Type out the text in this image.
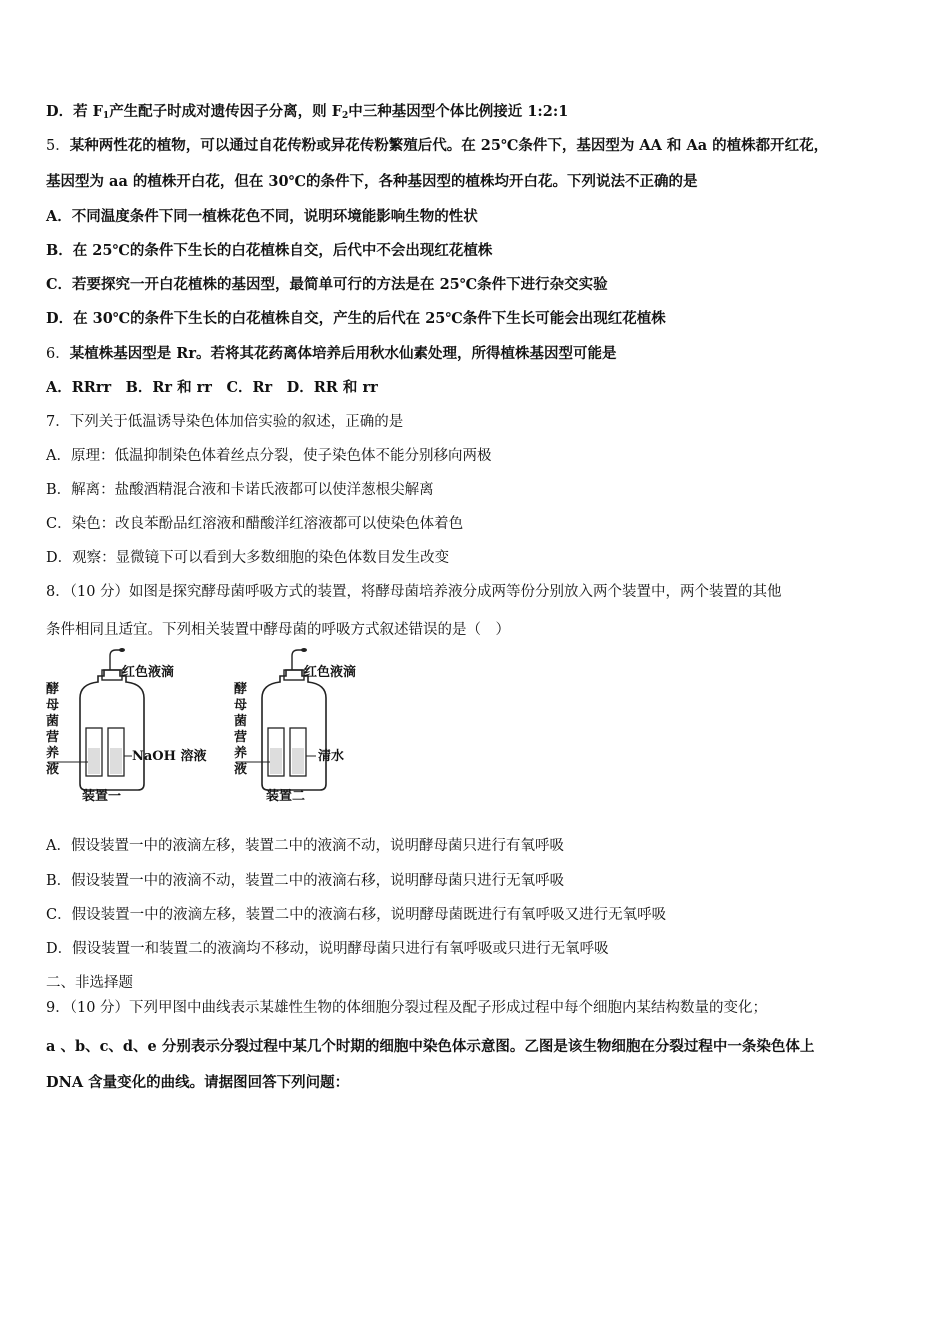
D．若 $F_1$产生配子时成对遗传因子分离，则 $F_2$中三种基因型个体比例接近 1:2:1
5．某种两性花的植物，可以通过自花传粉或异花传粉繁殖后代。在 25℃条件下，基因型为 AA 和 Aa 的植株都开红花，
基因型为 aa 的植株开白花，但在 30℃的条件下，各种基因型的植株均开白花。下列说法不正确的是
A．不同温度条件下同一植株花色不同，说明环境能影响生物的性状
B．在 25℃的条件下生长的白花植株自交，后代中不会出现红花植株
C．若要探究一开白花植株的基因型，最简单可行的方法是在 25℃条件下进行杂交实验
D．在 30℃的条件下生长的白花植株自交，产生的后代在 25℃条件下生长可能会出现红花植株
6．某植株基因型是 Rr。若将其花药离体培养后用秋水仙素处理，所得植株基因型可能是
A．RRrr　B．Rr 和 rr　C．Rr　D．RR 和 rr
7．下列关于低温诱导染色体加倍实验的叙述，正确的是
A．原理：低温抑制染色体着丝点分裂，使子染色体不能分别移向两极
B．解离：盐酸酒精混合液和卡诺氏液都可以使洋葱根尖解离
C．染色：改良苯酚品红溶液和醋酸洋红溶液都可以使染色体着色
D．观察：显微镜下可以看到大多数细胞的染色体数目发生改变
8．（10 分）如图是探究酵母菌呼吸方式的装置，将酵母菌培养液分成两等份分别放入两个装置中，两个装置的其他
条件相同且适宜。下列相关装置中酵母菌的呼吸方式叙述错误的是（　）
酵
母
菌
营
养
液
红色液滴
NaOH 溶液
装置一
酵
母
菌
营
养
液
红色液滴
清水
装置二
A．假设装置一中的液滴左移，装置二中的液滴不动，说明酵母菌只进行有氧呼吸
B．假设装置一中的液滴不动，装置二中的液滴右移，说明酵母菌只进行无氧呼吸
C．假设装置一中的液滴左移，装置二中的液滴右移，说明酵母菌既进行有氧呼吸又进行无氧呼吸
D．假设装置一和装置二的液滴均不移动，说明酵母菌只进行有氧呼吸或只进行无氧呼吸
二、非选择题
9．（10 分）下列甲图中曲线表示某雄性生物的体细胞分裂过程及配子形成过程中每个细胞内某结构数量的变化；
a 、b、c、d、e 分别表示分裂过程中某几个时期的细胞中染色体示意图。乙图是该生物细胞在分裂过程中一条染色体上
DNA 含量变化的曲线。请据图回答下列问题：
